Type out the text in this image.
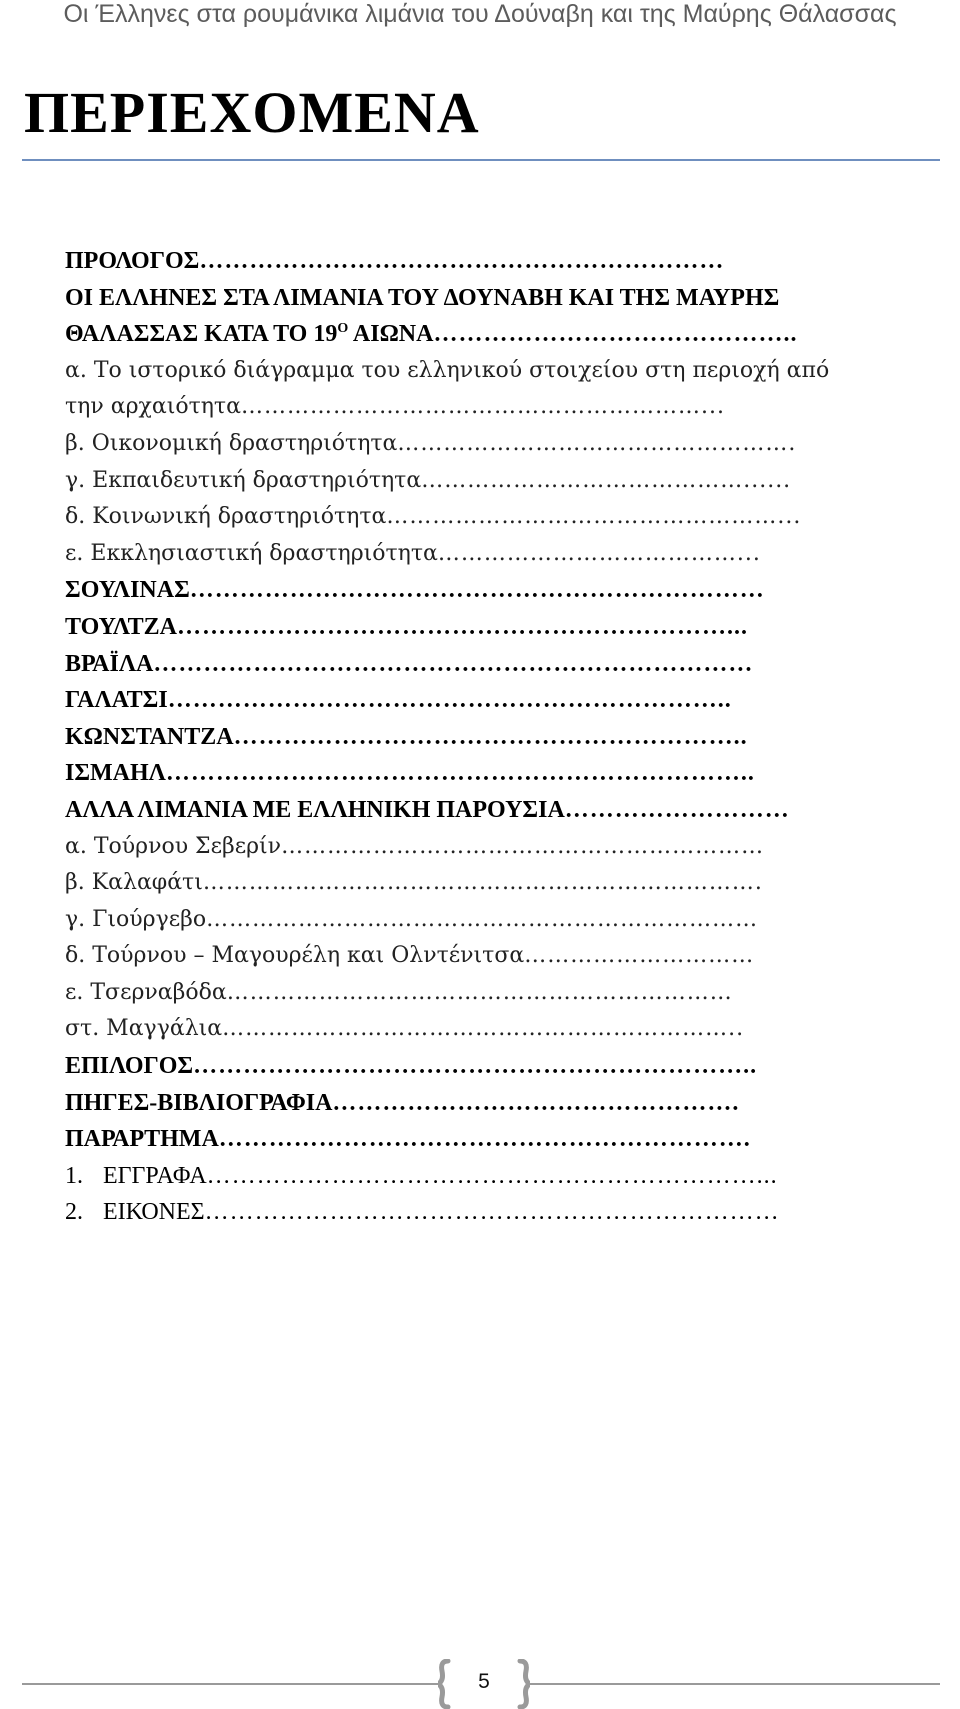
Οι Έλληνες στα ρουμάνικα λιμάνια του Δούναβη και της Μαύρης Θάλασσας
ΠΕΡΙΕΧΟΜΕΝΑ
ΠΡΟΛΟΓΟΣ………………………………………………………
ΟΙ ΕΛΛΗΝΕΣ ΣΤΑ ΛΙΜΑΝΙΑ ΤΟΥ ΔΟΥΝΑΒΗ ΚΑΙ ΤΗΣ ΜΑΥΡΗΣ
ΘΑΛΑΣΣΑΣ ΚΑΤΑ ΤΟ $19^O$ ΑΙΩΝΑ……………………………………..
α. Το ιστορικό διάγραμμα του ελληνικού στοιχείου στη περιοχή από
την αρχαιότητα……………………………………………………...
β. Οικονομική δραστηριότητα…………………………………………….
γ. Εκπαιδευτική δραστηριότητα……………………………………......
δ. Κοινωνική δραστηριότητα……………………………………………...
ε. Εκκλησιαστική δραστηριότητα…………………………………...
ΣΟΥΛΙΝΑΣ……………………………………………………………
ΤΟΥΛΤΖΑ…………………………………………………………...
ΒΡΑΪΛΑ………………………………………………………………
ΓΑΛΑΤΣΙ…………………………………………………………..
ΚΩΝΣΤΑΝΤΖΑ……………………………………………………..
ΙΣΜΑΗΛ……………………………………………………………..
ΑΛΛΑ ΛΙΜΑΝΙΑ ΜΕ ΕΛΛΗΝΙΚΗ ΠΑΡΟΥΣΙΑ………………………
α. Τούρνου Σεβερίν………………………………………………………
β. Καλαφάτι……………………………………………………………….
γ. Γιούργεβο………………………………………………………………
δ. Τούρνου – Μαγουρέλη και Ολντένιτσα…………………………
ε. Τσερναβόδα…………………………………………………………
στ. Μαγγάλια…………………………………………………………..
ΕΠΙΛΟΓΟΣ…………………………………………………………..
ΠΗΓΕΣ-ΒΙΒΛΙΟΓΡΑΦΙΑ………………………………………….
ΠΑΡΑΡΤΗΜΑ……………………………………………………….
1. ΕΓΓΡΑΦΑ…………………………………………………………...
2. ΕΙΚΟΝΕΣ……………………………………………………………
5
